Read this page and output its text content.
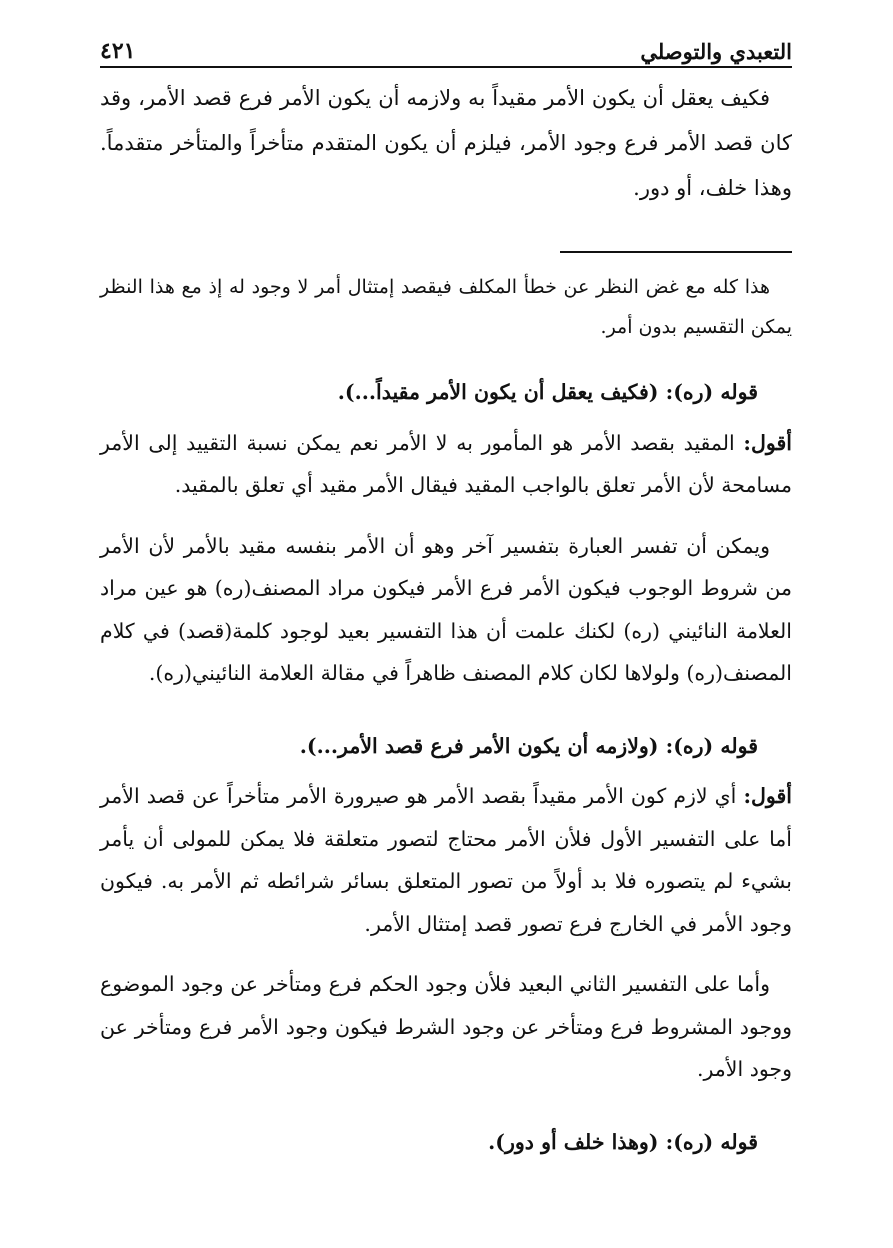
التعبدي والتوصلي
٤٢١

فكيف يعقل أن يكون الأمر مقيداً به ولازمه أن يكون الأمر فرع قصد الأمر، وقد كان قصد الأمر فرع وجود الأمر، فيلزم أن يكون المتقدم متأخراً والمتأخر متقدماً. وهذا خلف، أو دور.

هذا كله مع غض النظر عن خطأ المكلف فيقصد إمتثال أمر لا وجود له إذ مع هذا النظر يمكن التقسيم بدون أمر.

قوله (ره): (فكيف يعقل أن يكون الأمر مقيداً...).

أقول: المقيد بقصد الأمر هو المأمور به لا الأمر نعم يمكن نسبة التقييد إلى الأمر مسامحة لأن الأمر تعلق بالواجب المقيد فيقال الأمر مقيد أي تعلق بالمقيد.

ويمكن أن تفسر العبارة بتفسير آخر وهو أن الأمر بنفسه مقيد بالأمر لأن الأمر من شروط الوجوب فيكون الأمر فرع الأمر فيكون مراد المصنف(ره) هو عين مراد العلامة النائيني (ره) لكنك علمت أن هذا التفسير بعيد لوجود كلمة(قصد) في كلام المصنف(ره) ولولاها لكان كلام المصنف ظاهراً في مقالة العلامة النائيني(ره).

قوله (ره): (ولازمه أن يكون الأمر فرع قصد الأمر...).

أقول: أي لازم كون الأمر مقيداً بقصد الأمر هو صيرورة الأمر متأخراً عن قصد الأمر أما على التفسير الأول فلأن الأمر محتاج لتصور متعلقة فلا يمكن للمولى أن يأمر بشيء لم يتصوره فلا بد أولاً من تصور المتعلق بسائر شرائطه ثم الأمر به. فيكون وجود الأمر في الخارج فرع تصور قصد إمتثال الأمر.

وأما على التفسير الثاني البعيد فلأن وجود الحكم فرع ومتأخر عن وجود الموضوع ووجود المشروط فرع ومتأخر عن وجود الشرط فيكون وجود الأمر فرع ومتأخر عن وجود الأمر.

قوله (ره): (وهذا خلف أو دور).
